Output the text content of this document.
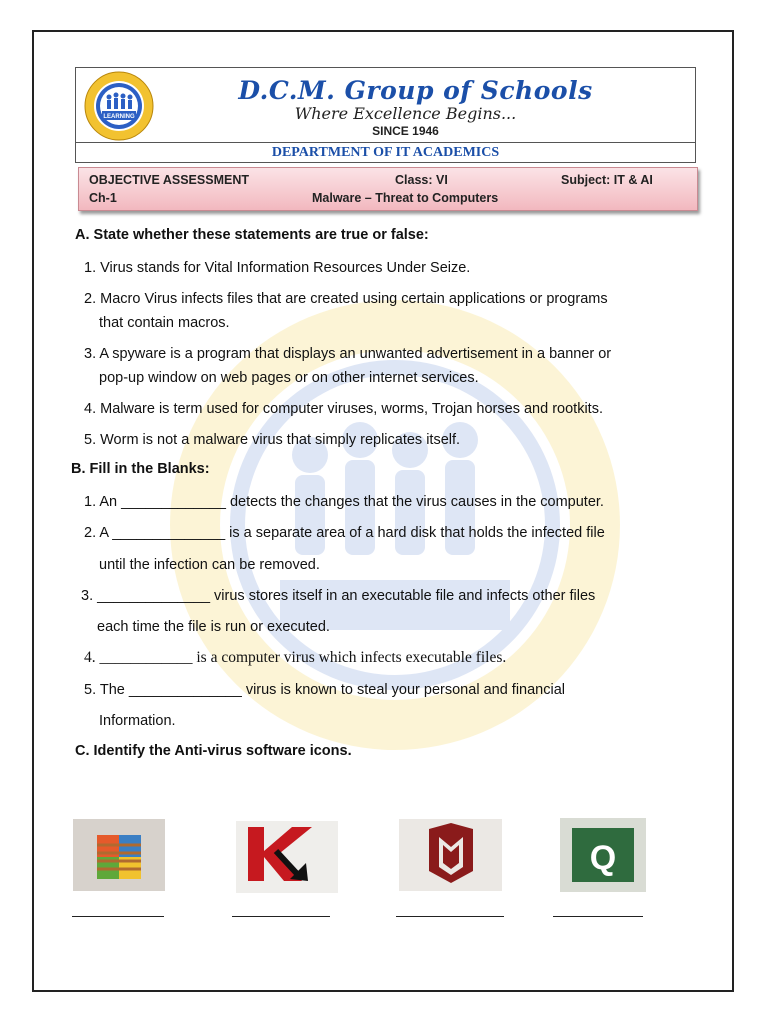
LEARNING
D.C.M. Group of Schools
Where Excellence Begins...
SINCE 1946
DEPARTMENT OF IT ACADEMICS
OBJECTIVE ASSESSMENT	Class: VI	Subject: IT & AI
Ch-1	Malware – Threat to Computers
A. State whether these statements are true or false:
1. Virus stands for Vital Information Resources Under Seize.
2. Macro Virus infects files that are created using certain applications or programs
that contain macros.
3. A spyware is a program that displays an unwanted advertisement in a banner or
pop-up window on web pages or on other internet services.
4. Malware is term used for computer viruses, worms, Trojan horses and rootkits.
5. Worm is not a malware virus that simply replicates itself.
B. Fill in the Blanks:
1. An _____________ detects the changes that the virus causes in the computer.
2. A ______________ is a separate area of a hard disk that holds the infected file
until the infection can be removed.
3. ______________ virus stores itself in an executable file and infects other files
each time the file is run or executed.
4. ____________ is a computer virus which infects executable files.
5. The ______________ virus is known to steal your personal and financial
Information.
C. Identify the Anti-virus software icons.
Q
